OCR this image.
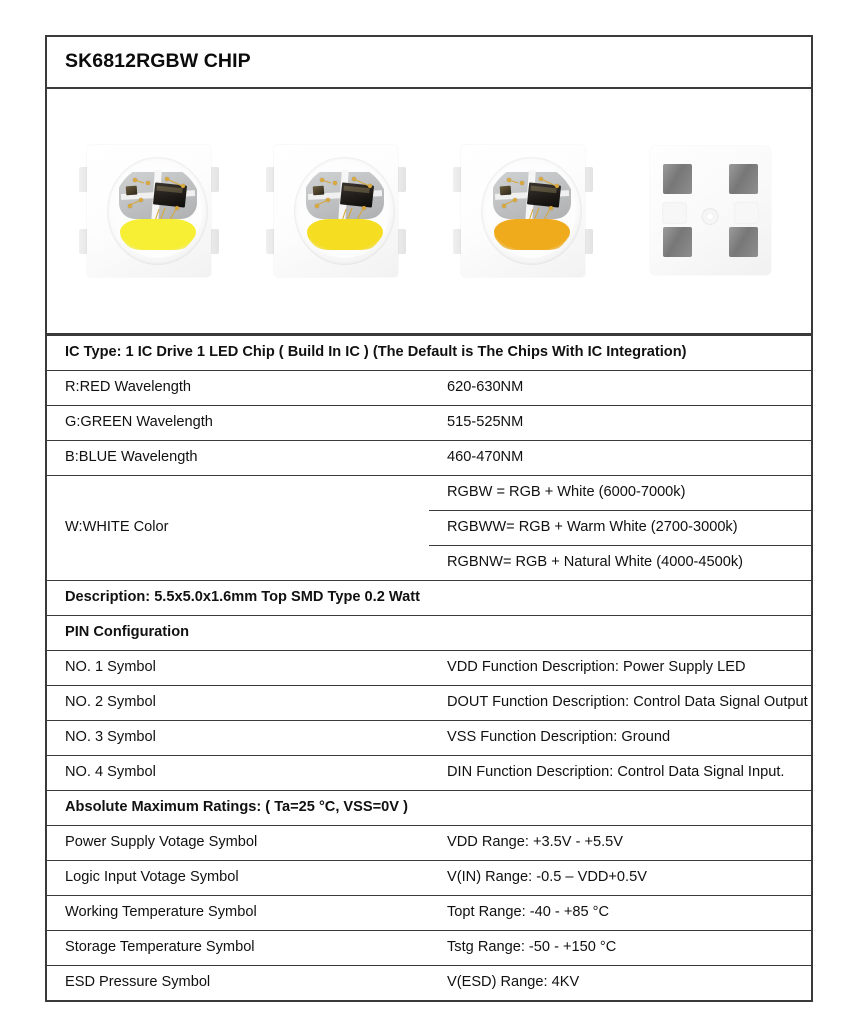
SK6812RGBW CHIP
IC Type: 1 IC Drive 1 LED Chip ( Build In IC ) (The Default is The Chips With IC Integration)	
R:RED Wavelength	620-630NM
G:GREEN Wavelength	515-525NM
B:BLUE Wavelength	460-470NM
W:WHITE Color	RGBW = RGB + White (6000-7000k)
	RGBWW= RGB + Warm White (2700-3000k)
	RGBNW= RGB + Natural White (4000-4500k)
Description: 5.5x5.0x1.6mm Top SMD Type 0.2 Watt	
PIN Configuration	
NO. 1 Symbol	VDD Function Description: Power Supply LED
NO. 2 Symbol	DOUT Function Description: Control Data Signal Output
NO. 3 Symbol	VSS Function Description: Ground
NO. 4 Symbol	DIN Function Description: Control Data Signal Input.
Absolute Maximum Ratings: ( Ta=25 °C, VSS=0V )	
Power Supply Votage Symbol	VDD Range: +3.5V - +5.5V
Logic Input Votage Symbol	V(IN) Range: -0.5 – VDD+0.5V
Working Temperature Symbol	Topt Range: -40 - +85 °C
Storage Temperature Symbol	Tstg Range: -50 - +150 °C
ESD Pressure Symbol	V(ESD) Range: 4KV
